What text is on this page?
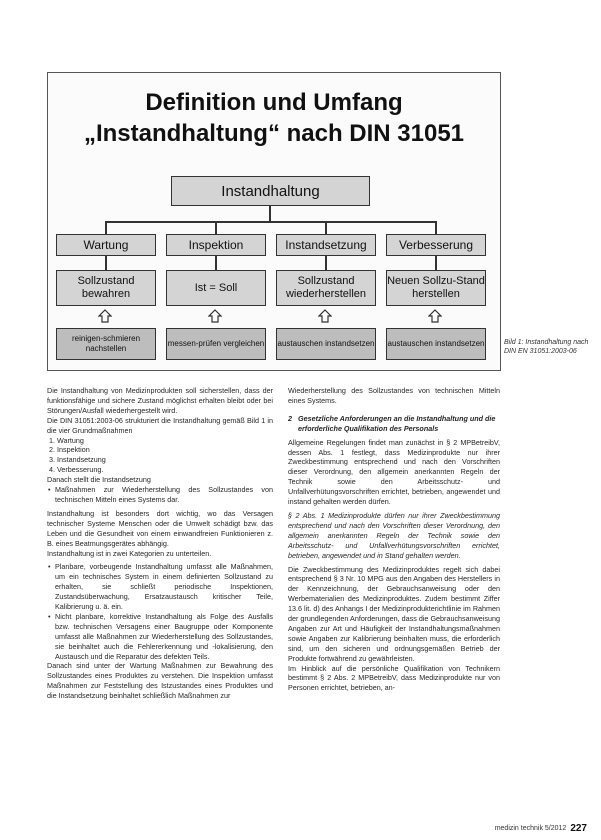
Definition und Umfang
„Instandhaltung“ nach DIN 31051
Instandhaltung
Wartung	Inspektion	Instandsetzung	Verbesserung
Sollzustand bewahren
Ist = Soll
Sollzustand wiederherstellen
Neuen Sollzu-Stand herstellen
reinigen-schmieren nachstellen
messen-prüfen vergleichen austauschen instandsetzen austauschen instandsetzen	Bild 1: Instandhaltung nach DIN EN 31051:2003-06

Die Instandhaltung von Medizinprodukten soll sicherstellen, dass der funktionsfähige und sichere Zustand möglichst erhalten bleibt oder bei Störungen/Ausfall wiederhergestellt wird.

Die DIN 31051:2003-06 strukturiert die Instandhaltung gemäß Bild 1 in die vier Grundmaßnahmen

1. Wartung
2. Inspektion
3. Instandsetzung
4. Verbesserung.

Danach stellt die Instandsetzung

• Maßnahmen zur Wiederherstellung des Sollzustandes von technischen Mitteln eines Systems dar.

Instandhaltung ist besonders dort wichtig, wo das Versagen technischer Systeme Menschen oder die Umwelt schädigt bzw. das Leben und die Gesundheit von einem einwandfreien Funktionieren z. B. eines Beatmungsgerätes abhängig.

Instandhaltung ist in zwei Kategorien zu unterteilen.

• Planbare, vorbeugende Instandhaltung umfasst alle Maßnahmen, um ein technisches System in einem definierten Sollzustand zu erhalten, sie schließt periodische Inspektionen, Zustandsüberwachung, Ersatzaustausch kritischer Teile, Kalibrierung u. ä. ein.
• Nicht planbare, korrektive Instandhaltung als Folge des Ausfalls bzw. technischen Versagens einer Baugruppe oder Komponente umfasst alle Maßnahmen zur Wiederherstellung des Sollzustandes, sie beinhaltet auch die Fehlererkennung und -lokalisierung, den Austausch und die Reparatur des defekten Teils.

Danach sind unter der Wartung Maßnahmen zur Bewahrung des Sollzustandes eines Produktes zu verstehen. Die Inspektion umfasst Maßnahmen zur Feststellung des Istzustandes eines Produktes und die Instandsetzung beinhaltet schließlich Maßnahmen zur

Wiederherstellung des Sollzustandes von technischen Mitteln eines Systems.

2 Gesetzliche Anforderungen an die Instandhaltung und die erforderliche Qualifikation des Personals

Allgemeine Regelungen findet man zunächst in § 2 MPBetreibV, dessen Abs. 1 festlegt, dass Medizinprodukte nur ihrer Zweckbestimmung entsprechend und nach den Vorschriften dieser Verordnung, den allgemein anerkannten Regeln der Technik sowie den Arbeitsschutz- und Unfallverhütungsvorschriften errichtet, betrieben, angewendet und instand gehalten werden dürfen.

§ 2 Abs. 1 Medizinprodukte dürfen nur ihrer Zweckbestimmung entsprechend und nach den Vorschriften dieser Verordnung, den allgemein anerkannten Regeln der Technik sowie den Arbeitsschutz- und Unfallverhütungsvorschriften errichtet, betrieben, angewendet und in Stand gehalten werden.

Die Zweckbestimmung des Medizinproduktes regelt sich dabei entsprechend § 3 Nr. 10 MPG aus den Angaben des Herstellers in der Kennzeichnung, der Gebrauchsanweisung oder den Werbematerialien des Medizinproduktes. Zudem bestimmt Ziffer 13.6 lit. d) des Anhangs I der Medizinprodukterichtlinie im Rahmen der grundlegenden Anforderungen, dass die Gebrauchsanweisung Angaben zur Art und Häufigkeit der Instandhaltungsmaßnahmen sowie Angaben zur Kalibrierung beinhalten muss, die erforderlich sind, um den sicheren und ordnungsgemäßen Betrieb der Produkte fortwährend zu gewährleisten.

Im Hinblick auf die persönliche Qualifikation von Technikern bestimmt § 2 Abs. 2 MPBetreibV, dass Medizinprodukte nur von Personen errichtet, betrieben, an-

medizin technik 5/2012 227
